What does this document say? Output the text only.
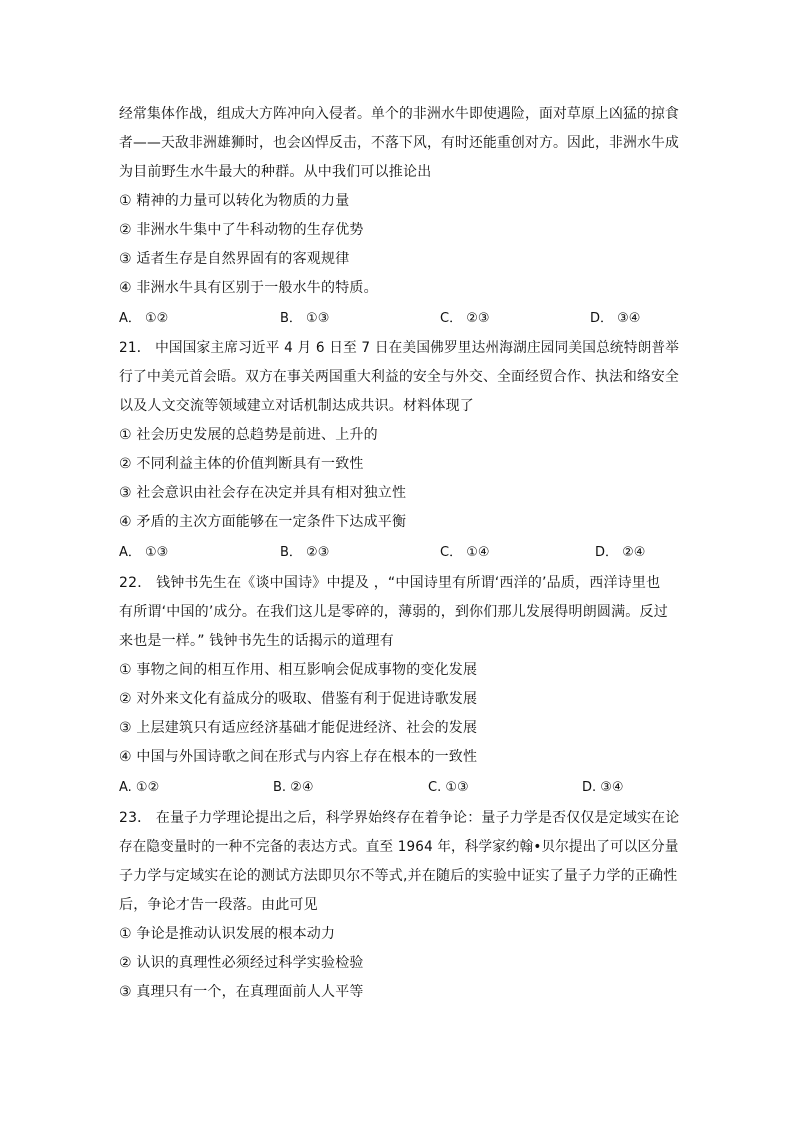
经常集体作战，组成大方阵冲向入侵者。单个的非洲水牛即使遇险，面对草原上凶猛的掠食
者——天敌非洲雄狮时，也会凶悍反击，不落下风，有时还能重创对方。因此，非洲水牛成
为目前野生水牛最大的种群。从中我们可以推论出
① 精神的力量可以转化为物质的力量
② 非洲水牛集中了牛科动物的生存优势
③ 适者生存是自然界固有的客观规律
④ 非洲水牛具有区别于一般水牛的特质。
A． ①②	B． ①③	C． ②③	D． ③④
21． 中国国家主席习近平 4 月 6 日至 7 日在美国佛罗里达州海湖庄园同美国总统特朗普举
行了中美元首会晤。双方在事关两国重大利益的安全与外交、全面经贸合作、执法和络安全
以及人文交流等领域建立对话机制达成共识。材料体现了
① 社会历史发展的总趋势是前进、上升的
② 不同利益主体的价值判断具有一致性
③ 社会意识由社会存在决定并具有相对独立性
④ 矛盾的主次方面能够在一定条件下达成平衡
A． ①③	B． ②③	C． ①④	D． ②④
22． 钱钟书先生在《谈中国诗》中提及 ，“中国诗里有所谓‘西洋的’品质，西洋诗里也
有所谓‘中国的’成分。在我们这儿是零碎的，薄弱的，到你们那儿发展得明朗圆满。反过
来也是一样。” 钱钟书先生的话揭示的道理有
① 事物之间的相互作用、相互影响会促成事物的变化发展
② 对外来文化有益成分的吸取、借鉴有利于促进诗歌发展
③ 上层建筑只有适应经济基础才能促进经济、社会的发展
④ 中国与外国诗歌之间在形式与内容上存在根本的一致性
A. ①②	B. ②④	C. ①③	D. ③④
23． 在量子力学理论提出之后，科学界始终存在着争论：量子力学是否仅仅是定域实在论
存在隐变量时的一种不完备的表达方式。直至 1964 年，科学家约翰•贝尔提出了可以区分量
子力学与定域实在论的测试方法即贝尔不等式,并在随后的实验中证实了量子力学的正确性
后，争论才告一段落。由此可见
① 争论是推动认识发展的根本动力
② 认识的真理性必须经过科学实验检验
③ 真理只有一个，在真理面前人人平等
